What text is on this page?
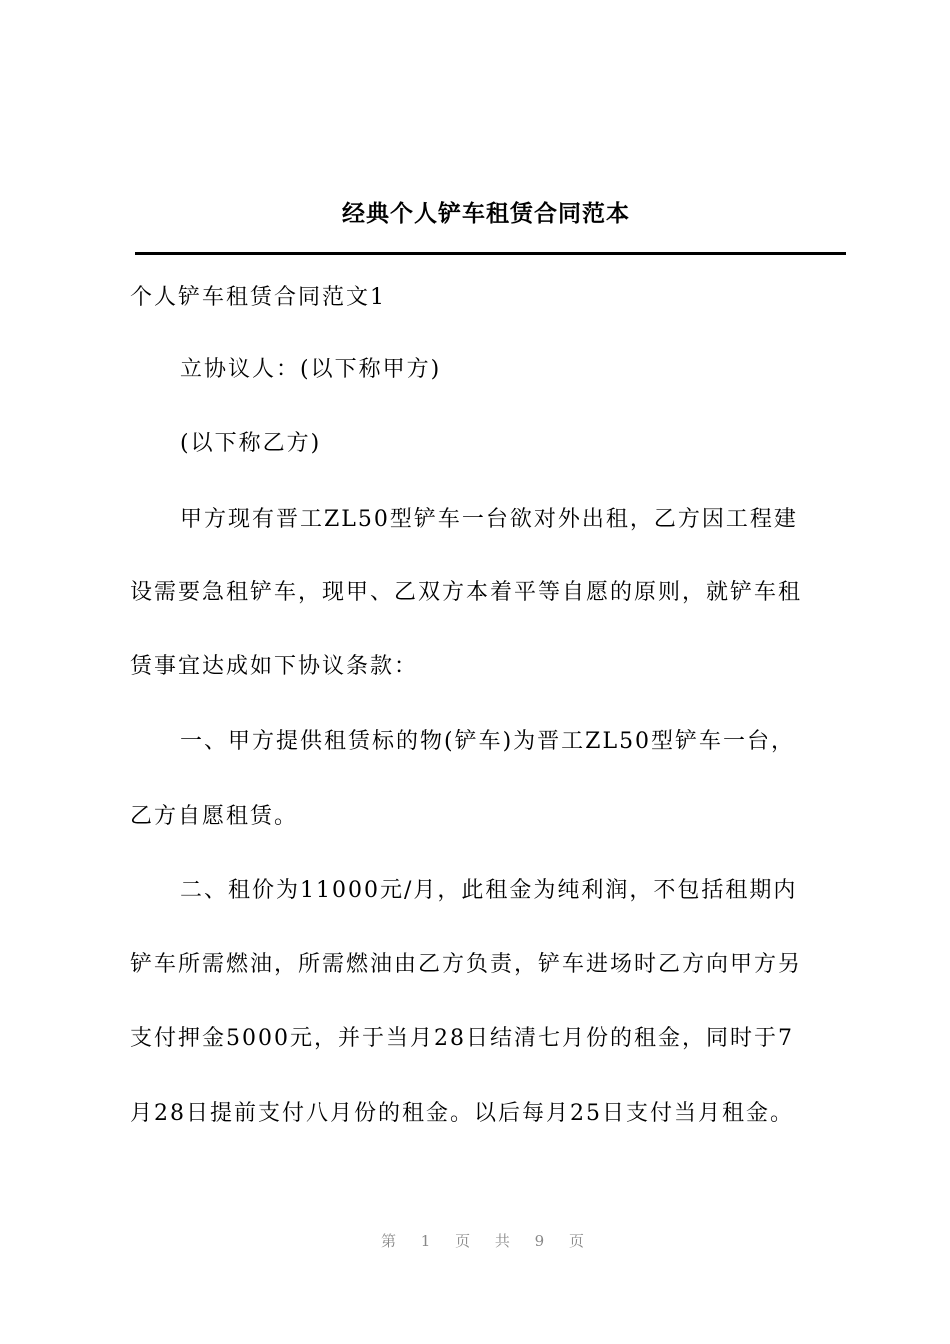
经典个人铲车租赁合同范本
个人铲车租赁合同范文1
立协议人：(以下称甲方)
(以下称乙方)
甲方现有晋工ZL50型铲车一台欲对外出租，乙方因工程建
设需要急租铲车，现甲、乙双方本着平等自愿的原则，就铲车租
赁事宜达成如下协议条款：
一、甲方提供租赁标的物(铲车)为晋工ZL50型铲车一台，
乙方自愿租赁。
二、租价为11000元/月，此租金为纯利润，不包括租期内
铲车所需燃油，所需燃油由乙方负责，铲车进场时乙方向甲方另
支付押金5000元，并于当月28日结清七月份的租金，同时于7
月28日提前支付八月份的租金。以后每月25日支付当月租金。
第 1 页 共 9 页
